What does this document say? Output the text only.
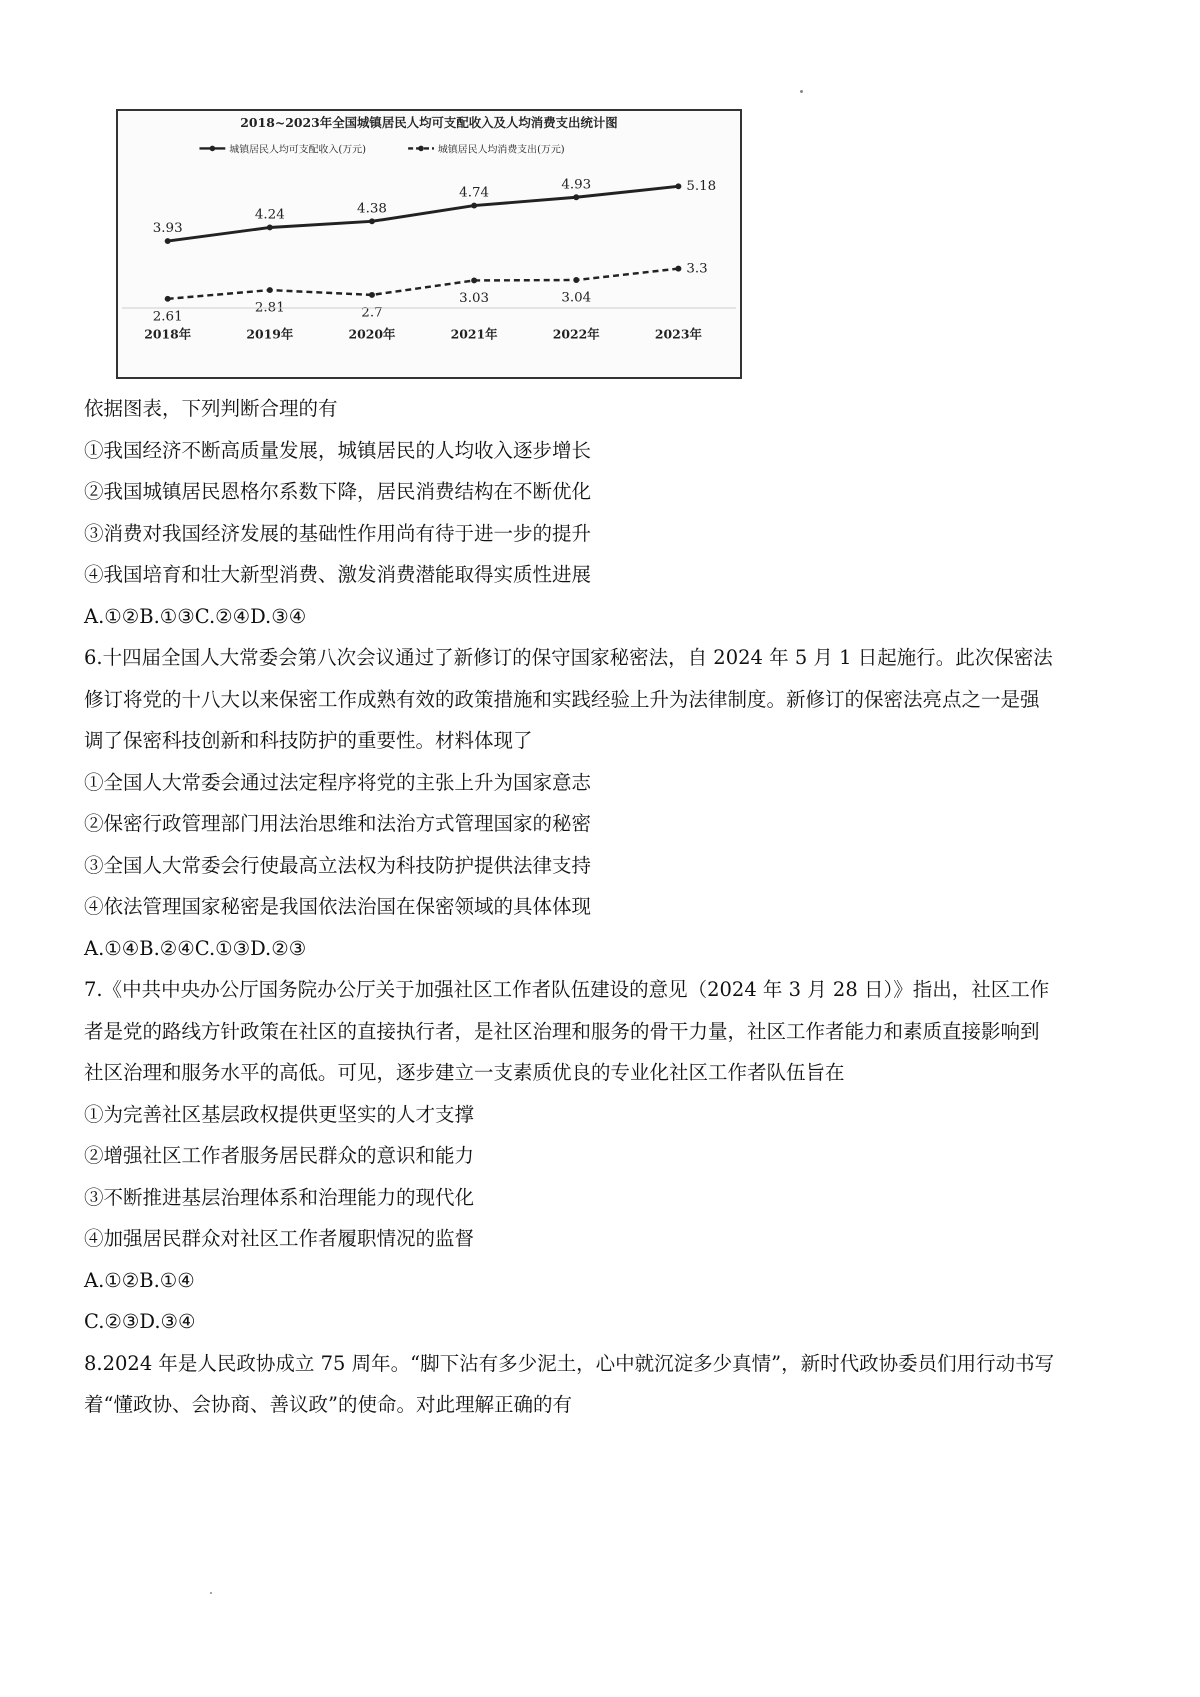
2018~2023年全国城镇居民人均可支配收入及人均消费支出统计图
城镇居民人均可支配收入(万元)	城镇居民人均消费支出(万元)
3.93
4.24	4.38
4.74
4.93	5.18
2.61
2.81	2.7
3.03	3.04
3.3
2018年	2019年	2020年	2021年	2022年	2023年

依据图表，下列判断合理的有

①我国经济不断高质量发展，城镇居民的人均收入逐步增长

②我国城镇居民恩格尔系数下降，居民消费结构在不断优化

③消费对我国经济发展的基础性作用尚有待于进一步的提升

④我国培育和壮大新型消费、激发消费潜能取得实质性进展

A.①②B.①③C.②④D.③④

6.十四届全国人大常委会第八次会议通过了新修订的保守国家秘密法，自 2024 年 5 月 1 日起施行。此次保密法

修订将党的十八大以来保密工作成熟有效的政策措施和实践经验上升为法律制度。新修订的保密法亮点之一是强

调了保密科技创新和科技防护的重要性。材料体现了

①全国人大常委会通过法定程序将党的主张上升为国家意志

②保密行政管理部门用法治思维和法治方式管理国家的秘密

③全国人大常委会行使最高立法权为科技防护提供法律支持

④依法管理国家秘密是我国依法治国在保密领域的具体体现

A.①④B.②④C.①③D.②③

7.《中共中央办公厅国务院办公厅关于加强社区工作者队伍建设的意见（2024 年 3 月 28 日）》指出，社区工作

者是党的路线方针政策在社区的直接执行者，是社区治理和服务的骨干力量，社区工作者能力和素质直接影响到

社区治理和服务水平的高低。可见，逐步建立一支素质优良的专业化社区工作者队伍旨在

①为完善社区基层政权提供更坚实的人才支撑

②增强社区工作者服务居民群众的意识和能力

③不断推进基层治理体系和治理能力的现代化

④加强居民群众对社区工作者履职情况的监督

A.①②B.①④

C.②③D.③④

8.2024 年是人民政协成立 75 周年。“脚下沾有多少泥土，心中就沉淀多少真情”，新时代政协委员们用行动书写

着“懂政协、会协商、善议政”的使命。对此理解正确的有
